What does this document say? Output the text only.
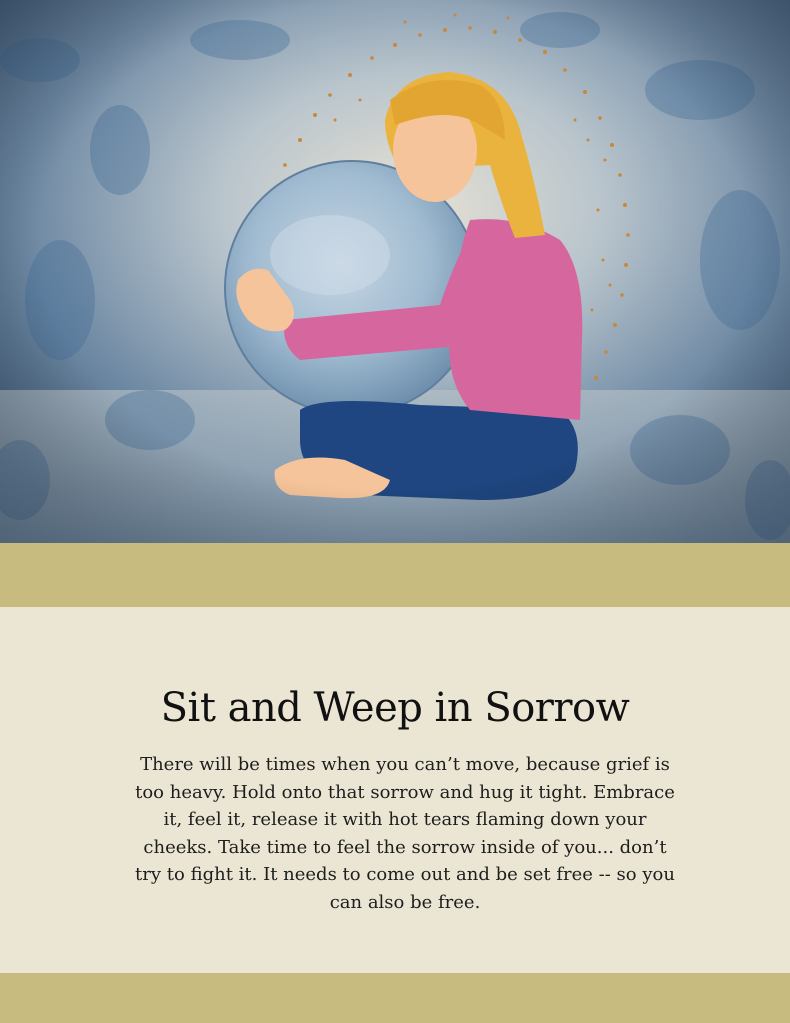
Sit and Weep in Sorrow

There will be times when you can’t move, because grief is too heavy. Hold onto that sorrow and hug it tight. Embrace it, feel it, release it with hot tears flaming down your cheeks. Take time to feel the sorrow inside of you... don’t try to fight it. It needs to come out and be set free -- so you can also be free.
